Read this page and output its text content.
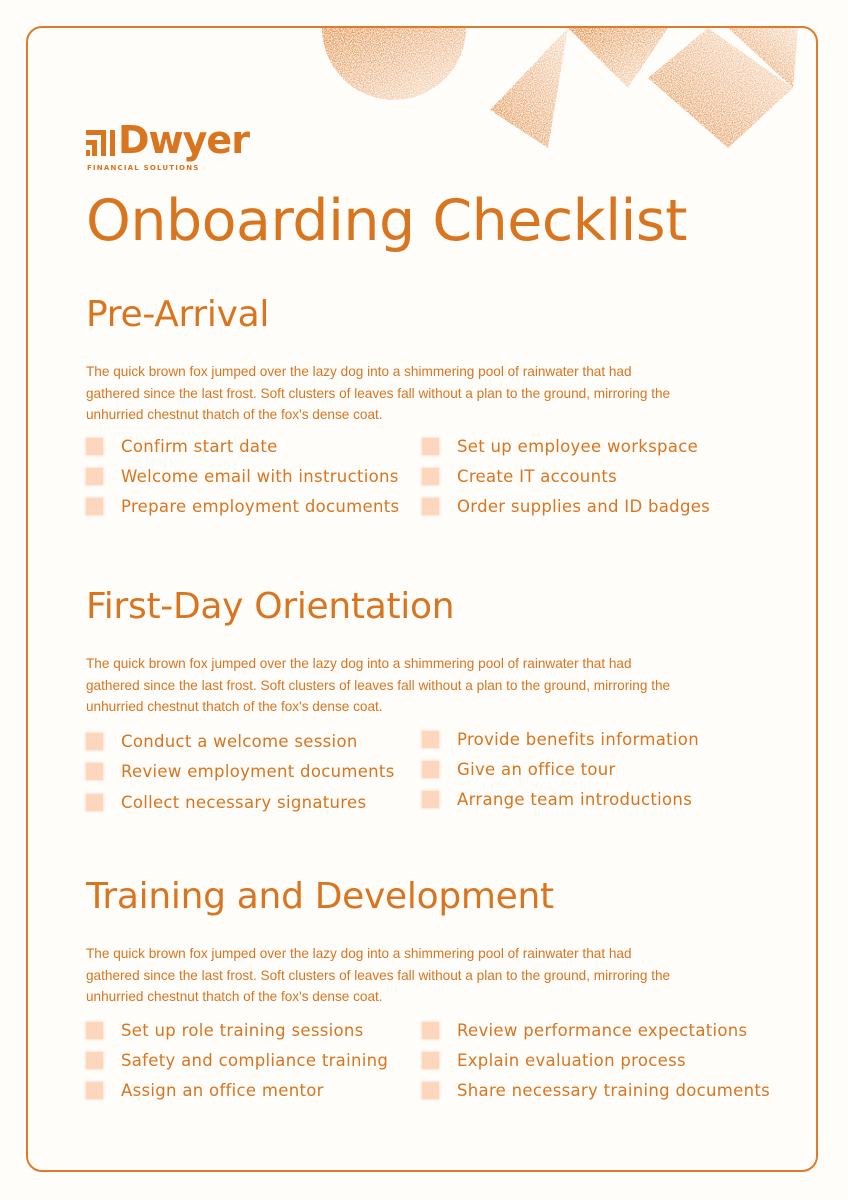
Dwyer
FINANCIAL SOLUTIONS
Onboarding Checklist
Pre-Arrival

The quick brown fox jumped over the lazy dog into a shimmering pool of rainwater that had gathered since the last frost. Soft clusters of leaves fall without a plan to the ground, mirroring the unhurried chestnut thatch of the fox's dense coat.

Confirm start date
Welcome email with instructions
Prepare employment documents
Set up employee workspace
Create IT accounts
Order supplies and ID badges
First-Day Orientation

The quick brown fox jumped over the lazy dog into a shimmering pool of rainwater that had gathered since the last frost. Soft clusters of leaves fall without a plan to the ground, mirroring the unhurried chestnut thatch of the fox's dense coat.

Conduct a welcome session
Review employment documents
Collect necessary signatures
Provide benefits information
Give an office tour
Arrange team introductions
Training and Development

The quick brown fox jumped over the lazy dog into a shimmering pool of rainwater that had gathered since the last frost. Soft clusters of leaves fall without a plan to the ground, mirroring the unhurried chestnut thatch of the fox's dense coat.

Set up role training sessions
Safety and compliance training
Assign an office mentor
Review performance expectations
Explain evaluation process
Share necessary training documents
